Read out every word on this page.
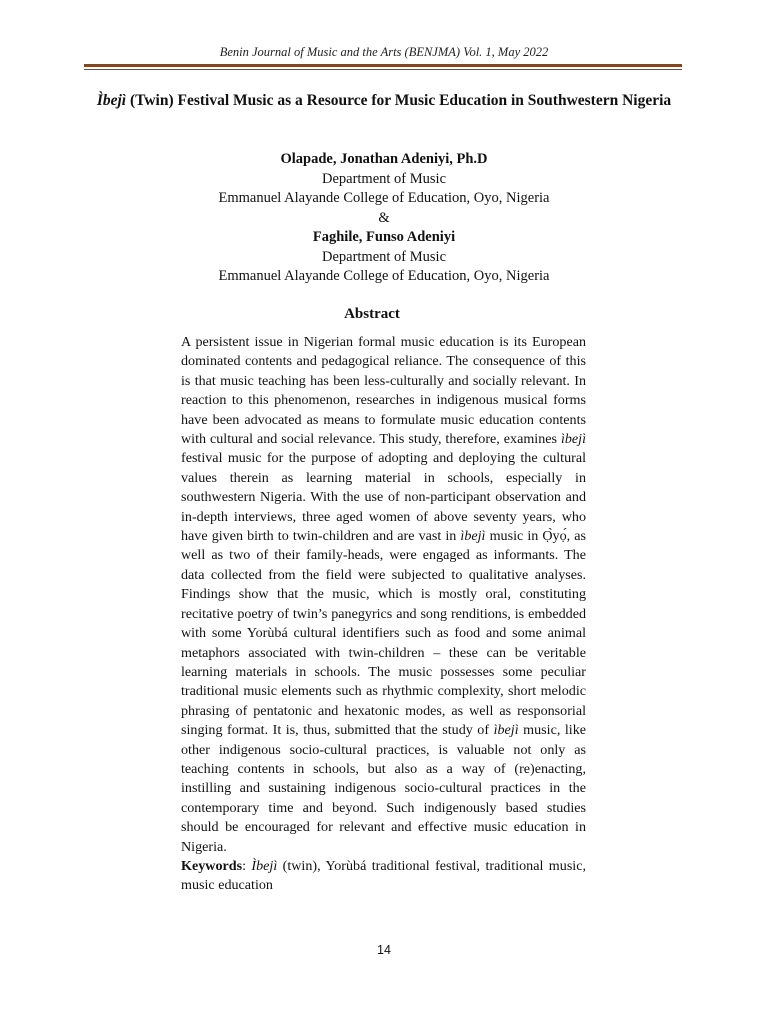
Benin Journal of Music and the Arts (BENJMA) Vol. 1, May 2022
Ìbejì (Twin) Festival Music as a Resource for Music Education in Southwestern Nigeria
Olapade, Jonathan Adeniyi, Ph.D
Department of Music
Emmanuel Alayande College of Education, Oyo, Nigeria
&
Faghile, Funso Adeniyi
Department of Music
Emmanuel Alayande College of Education, Oyo, Nigeria
Abstract

A persistent issue in Nigerian formal music education is its European dominated contents and pedagogical reliance. The consequence of this is that music teaching has been less-culturally and socially relevant. In reaction to this phenomenon, researches in indigenous musical forms have been advocated as means to formulate music education contents with cultural and social relevance. This study, therefore, examines ìbejì festival music for the purpose of adopting and deploying the cultural values therein as learning material in schools, especially in southwestern Nigeria. With the use of non-participant observation and in-depth interviews, three aged women of above seventy years, who have given birth to twin-children and are vast in ìbejì music in Ọ̀yọ́, as well as two of their family-heads, were engaged as informants. The data collected from the field were subjected to qualitative analyses. Findings show that the music, which is mostly oral, constituting recitative poetry of twin’s panegyrics and song renditions, is embedded with some Yorùbá cultural identifiers such as food and some animal metaphors associated with twin-children – these can be veritable learning materials in schools. The music possesses some peculiar traditional music elements such as rhythmic complexity, short melodic phrasing of pentatonic and hexatonic modes, as well as responsorial singing format. It is, thus, submitted that the study of ìbejì music, like other indigenous socio-cultural practices, is valuable not only as teaching contents in schools, but also as a way of (re)enacting, instilling and sustaining indigenous socio-cultural practices in the contemporary time and beyond. Such indigenously based studies should be encouraged for relevant and effective music education in Nigeria.

Keywords: Ìbejì (twin), Yorùbá traditional festival, traditional music, music education

14
